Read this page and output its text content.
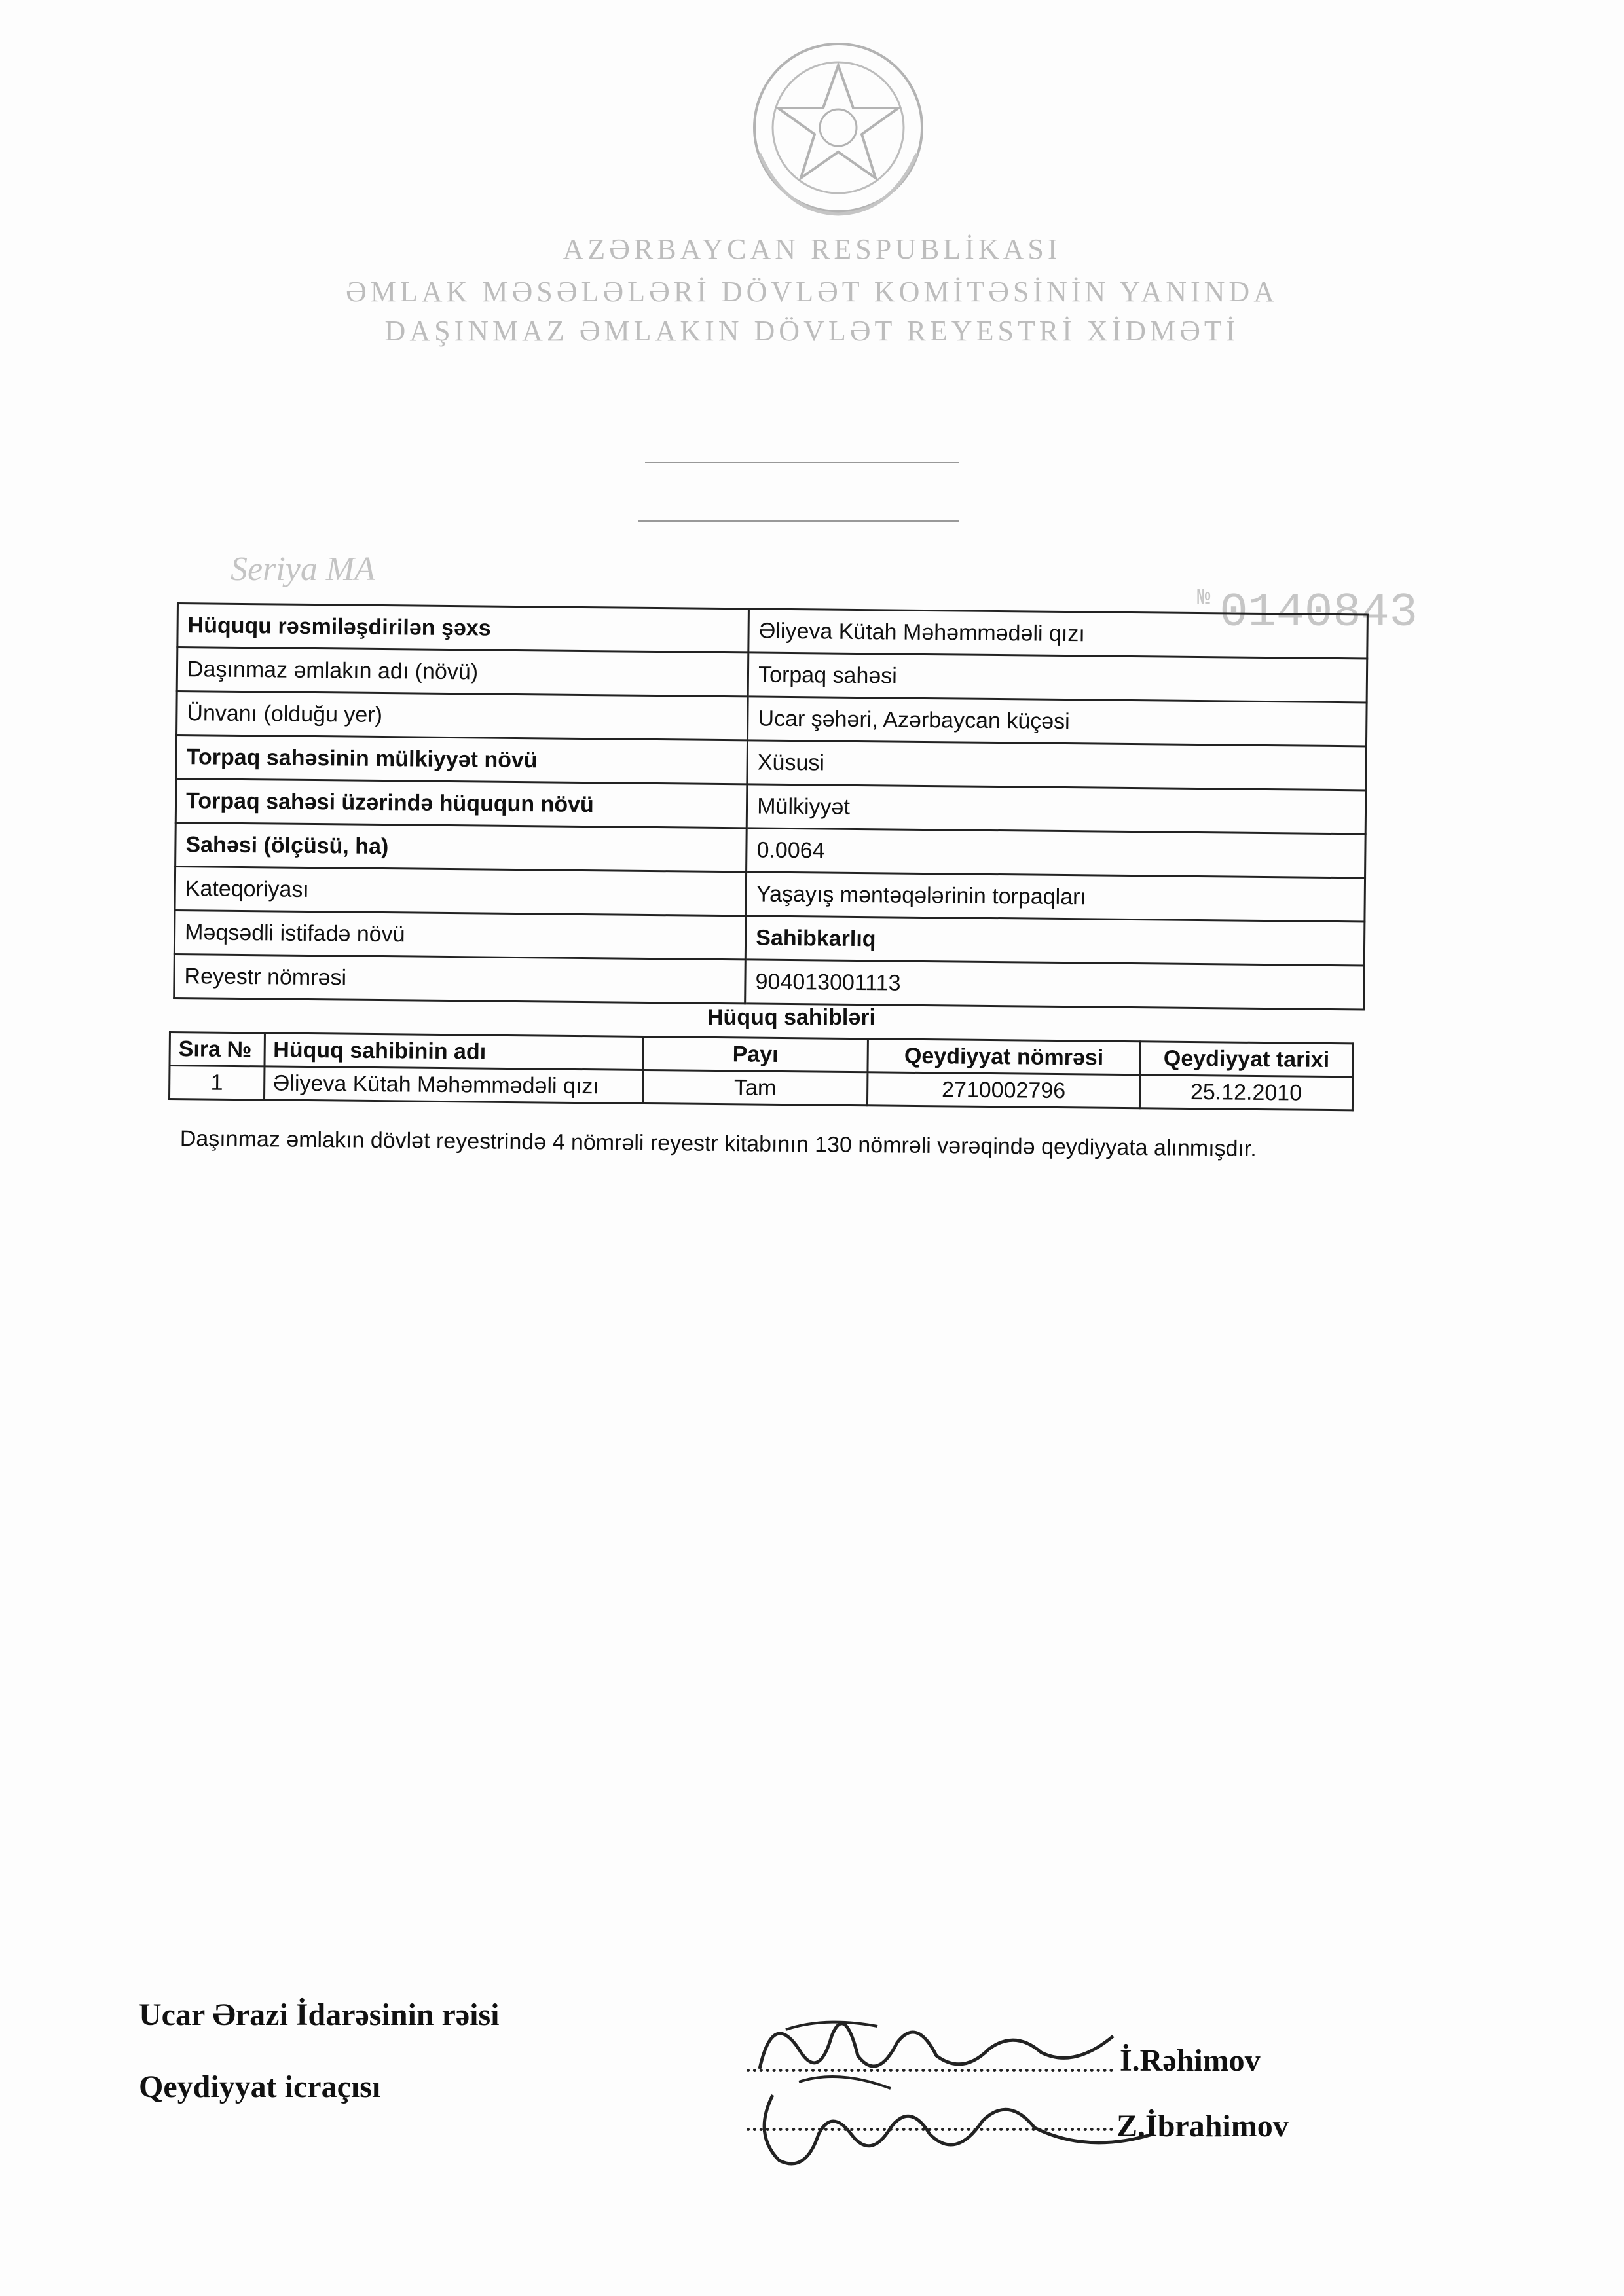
AZƏRBAYCAN RESPUBLİKASI
ƏMLAK MƏSƏLƏLƏRİ DÖVLƏT KOMİTƏSİNİN YANINDA
DAŞINMAZ ƏMLAKIN DÖVLƏT REYESTRİ XİDMƏTİ
Seriya MA
№ 0140843
Hüququ rəsmiləşdirilən şəxs	Əliyeva Kütah Məhəmmədəli qızı
Daşınmaz əmlakın adı (növü)	Torpaq sahəsi
Ünvanı (olduğu yer)	Ucar şəhəri, Azərbaycan küçəsi
Torpaq sahəsinin mülkiyyət növü	Xüsusi
Torpaq sahəsi üzərində hüququn növü	Mülkiyyət
Sahəsi (ölçüsü, ha)	0.0064
Kateqoriyası	Yaşayış məntəqələrinin torpaqları
Məqsədli istifadə növü	Sahibkarlıq
Reyestr nömrəsi	904013001113
Hüquq sahibləri
Sıra №	Hüquq sahibinin adı	Payı	Qeydiyyat nömrəsi	Qeydiyyat tarixi
1	Əliyeva Kütah Məhəmmədəli qızı	Tam	2710002796	25.12.2010
Daşınmaz əmlakın dövlət reyestrində 4 nömrəli reyestr kitabının 130 nömrəli vərəqində qeydiyyata alınmışdır.
Ucar Ərazi İdarəsinin rəisi
Qeydiyyat icraçısı
İ.Rəhimov
Z.İbrahimov
